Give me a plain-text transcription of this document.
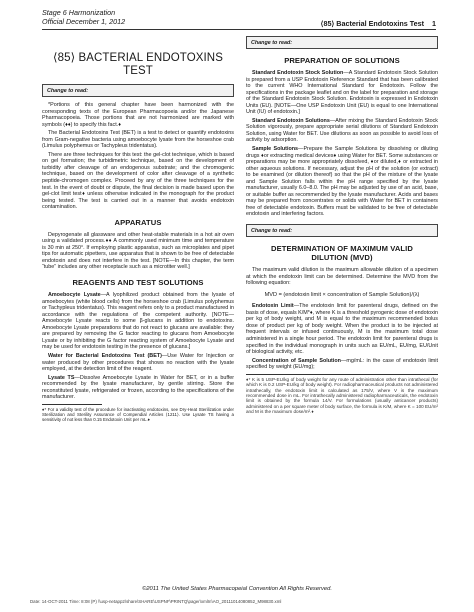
Stage 6 Harmonization
Official December 1, 2012	⟨85⟩ Bacterial Endotoxins Test 1
⟨85⟩ BACTERIAL ENDOTOXINS
TEST
Change to read:

*Portions of this general chapter have been harmonized with the corresponding texts of the European Pharmacopoeia and/or the Japanese Pharmacopoeia. Those portions that are not harmonized are marked with symbols (♦♦) to specify this fact.♦

The Bacterial Endotoxins Test (BET) is a test to detect or quantify endotoxins from Gram-negative bacteria using amoebocyte lysate from the horseshoe crab (Limulus polyphemus or Tachypleus tridentatus).

There are three techniques for this test: the gel-clot technique, which is based on gel formation; the turbidimetric technique, based on the development of turbidity after cleavage of an endogenous substrate; and the chromogenic technique, based on the development of color after cleavage of a synthetic peptide-chromogen complex. Proceed by any of the three techniques for the test. In the event of doubt or dispute, the final decision is made based upon the gel-clot limit test♦ unless otherwise indicated in the monograph for the product being tested. The test is carried out in a manner that avoids endotoxin contamination.

APPARATUS

Depyrogenate all glassware and other heat-stable materials in a hot air oven using a validated process.♦♦ A commonly used minimum time and temperature is 30 min at 250°. If employing plastic apparatus, such as microplates and pipet tips for automatic pipetters, use apparatus that is shown to be free of detectable endotoxin and does not interfere in the test. [NOTE—In this chapter, the term “tube” includes any other receptacle such as a microtiter well.]

REAGENTS AND TEST SOLUTIONS

Amoebocyte Lysate—A lyophilized product obtained from the lysate of amoebocytes (white blood cells) from the horseshoe crab (Limulus polyphemus or Tachypleus tridentatus). This reagent refers only to a product manufactured in accordance with the regulations of the competent authority. [NOTE—Amoebocyte Lysate reacts to some β-glucans in addition to endotoxins. Amoebocyte Lysate preparations that do not react to glucans are available: they are prepared by removing the G factor reacting to glucans from Amoebocyte Lysate or by inhibiting the G factor reacting system of Amoebocyte Lysate and may be used for endotoxin testing in the presence of glucans.]

Water for Bacterial Endotoxins Test (BET)—Use Water for Injection or water produced by other procedures that shows no reaction with the lysate employed, at the detection limit of the reagent.

Lysate TS—Dissolve Amoebocyte Lysate in Water for BET, or in a buffer recommended by the lysate manufacturer, by gentle stirring. Store the reconstituted lysate, refrigerated or frozen, according to the specifications of the manufacturer.

♦* For a validity test of the procedure for inactivating endotoxins, see Dry-Heat Sterilization under Sterilization and Sterility Assurance of Compendial Articles ⟨1211⟩. Use Lysate TS having a sensitivity of not less than 0.15 Endotoxin Unit per mL.♦

Change to read:
PREPARATION OF SOLUTIONS

Standard Endotoxin Stock Solution—A Standard Endotoxin Stock Solution is prepared from a USP Endotoxin Reference Standard that has been calibrated to the current WHO International Standard for Endotoxin. Follow the specifications in the package leaflet and on the label for preparation and storage of the Standard Endotoxin Stock Solution. Endotoxin is expressed in Endotoxin Units (EU). [NOTE—One USP Endotoxin Unit (EU) is equal to one International Unit (IU) of endotoxin.]

Standard Endotoxin Solutions—After mixing the Standard Endotoxin Stock Solution vigorously, prepare appropriate serial dilutions of Standard Endotoxin Solution, using Water for BET. Use dilutions as soon as possible to avoid loss of activity by adsorption.

Sample Solutions—Prepare the Sample Solutions by dissolving or diluting drugs ♦or extracting medical devices♦ using Water for BET. Some substances or preparations may be more appropriately dissolved, ♦or diluted,♦ or extracted in other aqueous solutions. If necessary, adjust the pH of the solution (or extract) to be examined (or dilution thereof) so that the pH of the mixture of the lysate and Sample Solution falls within the pH range specified by the lysate manufacturer, usually 6.0–8.0. The pH may be adjusted by use of an acid, base, or suitable buffer as recommended by the lysate manufacturer. Acids and bases may be prepared from concentrates or solids with Water for BET in containers free of detectable endotoxin. Buffers must be validated to be free of detectable endotoxin and interfering factors.

Change to read:
DETERMINATION OF MAXIMUM VALID
DILUTION (MVD)

The maximum valid dilution is the maximum allowable dilution of a specimen at which the endotoxin limit can be determined. Determine the MVD from the following equation:

MVD = (endotoxin limit × concentration of Sample Solution)/(λ)

Endotoxin Limit—The endotoxin limit for parenteral drugs, defined on the basis of dose, equals K/M*♦, where K is a threshold pyrogenic dose of endotoxin per kg of body weight, and M is equal to the maximum recommended bolus dose of product per kg of body weight. When the product is to be injected at frequent intervals or infused continuously, M is the maximum total dose administered in a single hour period. The endotoxin limit for parenteral drugs is specified in the individual monograph in units such as EU/mL, EU/mg, EU/Unit of biological activity, etc.

Concentration of Sample Solution—mg/mL: in the case of endotoxin limit specified by weight (EU/mg);

♦* K is 5 USP-EU/kg of body weight for any route of administration other than intrathecal (for which K is 0.2 USP-EU/kg of body weight). For radiopharmaceutical products not administered intrathecally, the endotoxin limit is calculated as 175/V, where V is the maximum recommended dose in mL. For intrathecally administered radiopharmaceuticals, the endotoxin limit is obtained by the formula 14/V. For formulations (usually anticancer products) administered on a per square meter of body surface, the formula is K/M, where K = 100 EU/m² and M is the maximum dose/m².♦

©2011 The United States Pharmacopeial Convention All Rights Reserved.
Date: 14-OCT-2011 Time: 8:08 (P) \\usp-netapp2\share\SHARE\USPNF\PRINTQ\pager\xmlIn\AO_20111014080852_M98830.xml
